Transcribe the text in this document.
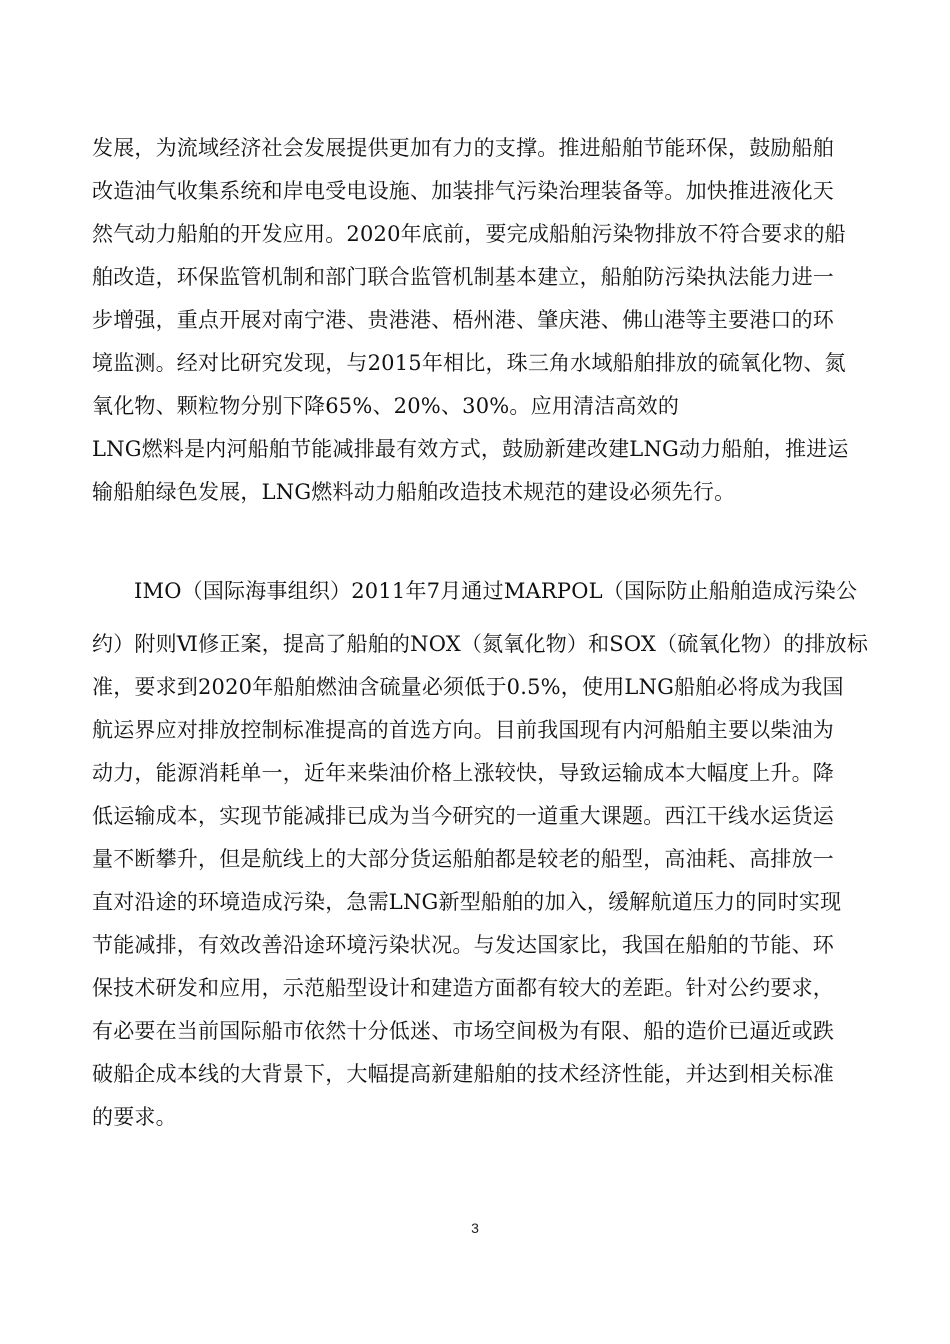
发展，为流域经济社会发展提供更加有力的支撑。推进船舶节能环保，鼓励船舶
改造油气收集系统和岸电受电设施、加装排气污染治理装备等。加快推进液化天
然气动力船舶的开发应用。2020年底前，要完成船舶污染物排放不符合要求的船
舶改造，环保监管机制和部门联合监管机制基本建立，船舶防污染执法能力进一
步增强，重点开展对南宁港、贵港港、梧州港、肇庆港、佛山港等主要港口的环
境监测。经对比研究发现，与2015年相比，珠三角水域船舶排放的硫氧化物、氮
氧化物、颗粒物分别下降65%、20%、30%。应用清洁高效的
LNG燃料是内河船舶节能减排最有效方式，鼓励新建改建LNG动力船舶，推进运
输船舶绿色发展，LNG燃料动力船舶改造技术规范的建设必须先行。
IMO（国际海事组织）2011年7月通过MARPOL（国际防止船舶造成污染公
约）附则Ⅵ修正案，提高了船舶的NOX（氮氧化物）和SOX（硫氧化物）的排放标
准，要求到2020年船舶燃油含硫量必须低于0.5%，使用LNG船舶必将成为我国
航运界应对排放控制标准提高的首选方向。目前我国现有内河船舶主要以柴油为
动力，能源消耗单一，近年来柴油价格上涨较快，导致运输成本大幅度上升。降
低运输成本，实现节能减排已成为当今研究的一道重大课题。西江干线水运货运
量不断攀升，但是航线上的大部分货运船舶都是较老的船型，高油耗、高排放一
直对沿途的环境造成污染，急需LNG新型船舶的加入，缓解航道压力的同时实现
节能减排，有效改善沿途环境污染状况。与发达国家比，我国在船舶的节能、环
保技术研发和应用，示范船型设计和建造方面都有较大的差距。针对公约要求，
有必要在当前国际船市依然十分低迷、市场空间极为有限、船的造价已逼近或跌
破船企成本线的大背景下，大幅提高新建船舶的技术经济性能，并达到相关标准
的要求。
3
